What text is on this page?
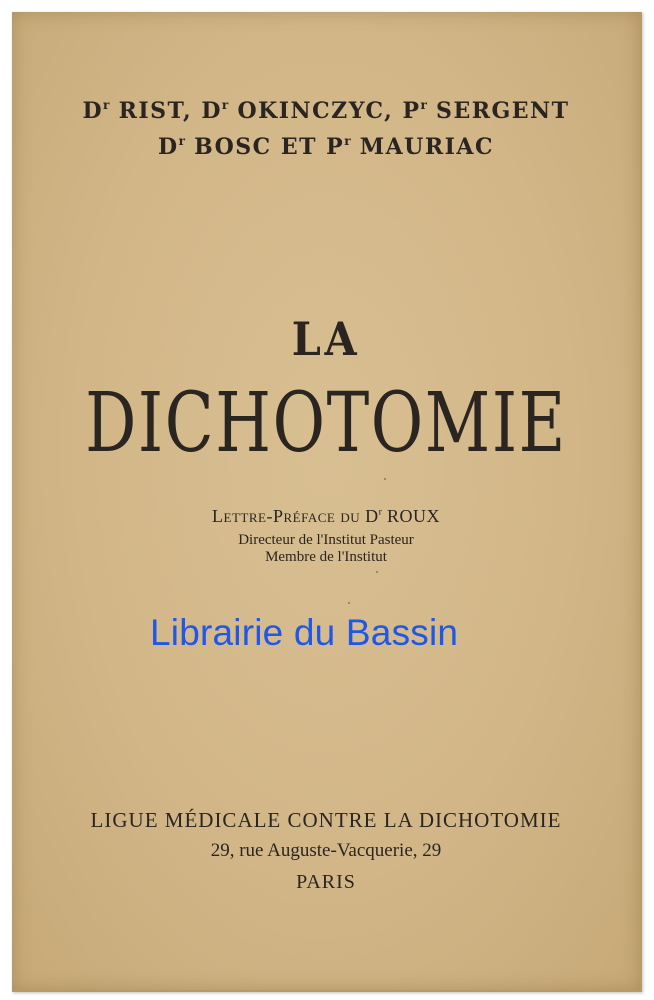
$D^r$ RIST, $D^r$ OKINCZYC, $P^r$ SERGENT
$D^r$ BOSC ET $P^r$ MAURIAC
LA
DICHOTOMIE
Lettre-Préface du $D^r$ ROUX
Directeur de l'Institut Pasteur
Membre de l'Institut
LIGUE MÉDICALE CONTRE LA DICHOTOMIE
29, rue Auguste-Vacquerie, 29
PARIS
Librairie du Bassin
